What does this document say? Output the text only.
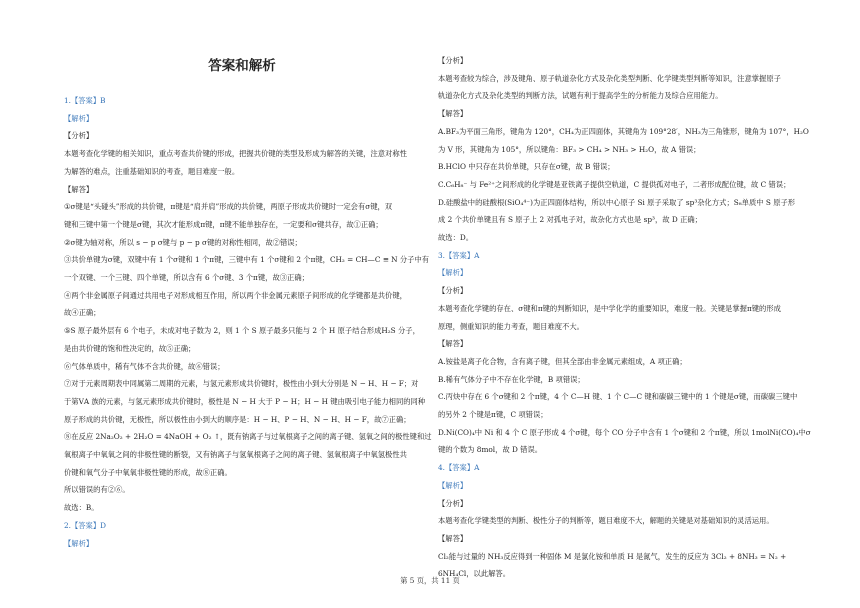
答案和解析
1.【答案】B
【解析】
【分析】
本题考查化学键的相关知识，重点考查共价键的形成，把握共价键的类型及形成为解答的关键，注意对称性
为解答的难点，注重基础知识的考查，题目难度一般。
【解答】
①σ键是“头碰头”形成的共价键，π键是“肩并肩”形成的共价键，两原子形成共价键时一定会有σ键，双
键和三键中第一个键是σ键，其次才能形成π键，π键不能单独存在，一定要和σ键共存，故①正确；
②σ键为轴对称，所以 s − p σ键与 p − p σ键的对称性相同，故②错误；
③共价单键为σ键，双键中有 1 个σ键和 1 个π键，三键中有 1 个σ键和 2 个π键，CH₂ = CH—C ≡ N 分子中有
一个双键、一个三键、四个单键，所以含有 6 个σ键、3 个π键，故③正确；
④两个非金属原子间通过共用电子对形成相互作用，所以两个非金属元素原子间形成的化学键都是共价键，
故④正确；
⑤S 原子最外层有 6 个电子，未成对电子数为 2，则 1 个 S 原子最多只能与 2 个 H 原子结合形成H₂S 分子，
是由共价键的饱和性决定的，故⑤正确；
⑥气体单质中，稀有气体不含共价键，故⑥错误；
⑦对于元素周期表中同属第二周期的元素，与氢元素形成共价键时，极性由小到大分别是 N − H、H − F；对
于第ⅤA 族的元素，与氢元素形成共价键时，极性是 N − H 大于 P − H；H − H 键由吸引电子能力相同的同种
原子形成的共价键，无极性，所以极性由小到大的顺序是：H − H、P − H、N − H、H − F，故⑦正确；
⑧在反应 2Na₂O₂ + 2H₂O = 4NaOH + O₂ ↑，既有钠离子与过氧根离子之间的离子键、氢氧之间的极性键和过
氧根离子中氧氧之间的非极性键的断裂，又有钠离子与氢氧根离子之间的离子键、氢氧根离子中氧氢极性共
价键和氧气分子中氧氧非极性键的形成，故⑧正确。
所以错误的有②⑥。
故选：B。
2.【答案】D
【解析】
【分析】
本题考查较为综合，涉及键角、原子轨道杂化方式及杂化类型判断、化学键类型判断等知识，注意掌握原子
轨道杂化方式及杂化类型的判断方法，试题有利于提高学生的分析能力及综合应用能力。
【解答】
A.BF₃为平面三角形，键角为 120°，CH₄为正四面体，其键角为 109°28′，NH₃为三角锥形，键角为 107°，H₂O
为 V 形，其键角为 105°，所以键角：BF₃ > CH₄ > NH₃ > H₂O，故 A 错误；
B.HClO 中只存在共价单键，只存在σ键，故 B 错误；
C.C₆H₈⁻ 与 Fe²⁺之间形成的化学键是亚铁离子提供空轨道，C 提供孤对电子，二者形成配位键，故 C 错误；
D.硅酸盐中的硅酸根(SiO₄⁴⁻)为正四面体结构，所以中心原子 Si 原子采取了 sp³杂化方式；S₈单质中 S 原子形
成 2 个共价单键且有 S 原子上 2 对孤电子对，故杂化方式也是 sp³，故 D 正确；
故选：D。
3.【答案】A
【解析】
【分析】
本题考查化学键的存在、σ键和π键的判断知识，是中学化学的重要知识，难度一般。关键是掌握π键的形成
原理，侧重知识的能力考查，题目难度不大。
【解答】
A.铵盐是离子化合物，含有离子键，但其全部由非金属元素组成，A 项正确；
B.稀有气体分子中不存在化学键，B 项错误；
C.丙炔中存在 6 个σ键和 2 个π键，4 个 C—H 键、1 个 C—C 键和碳碳三键中的 1 个键是σ键，而碳碳三键中
的另外 2 个键是π键，C 项错误；
D.Ni(CO)₄中 Ni 和 4 个 C 原子形成 4 个σ键，每个 CO 分子中含有 1 个σ键和 2 个π键，所以 1molNi(CO)₄中σ
键的个数为 8mol，故 D 错误。
4.【答案】A
【解析】
【分析】
本题考查化学键类型的判断、极性分子的判断等，题目难度不大，解题的关键是对基础知识的灵活运用。
【解答】
Cl₂能与过量的 NH₃反应得到一种固体 M 是氯化铵和单质 H 是氮气，发生的反应为 3Cl₂ + 8NH₃ = N₂ +
6NH₄Cl，以此解答。
第 5 页，共 11 页
